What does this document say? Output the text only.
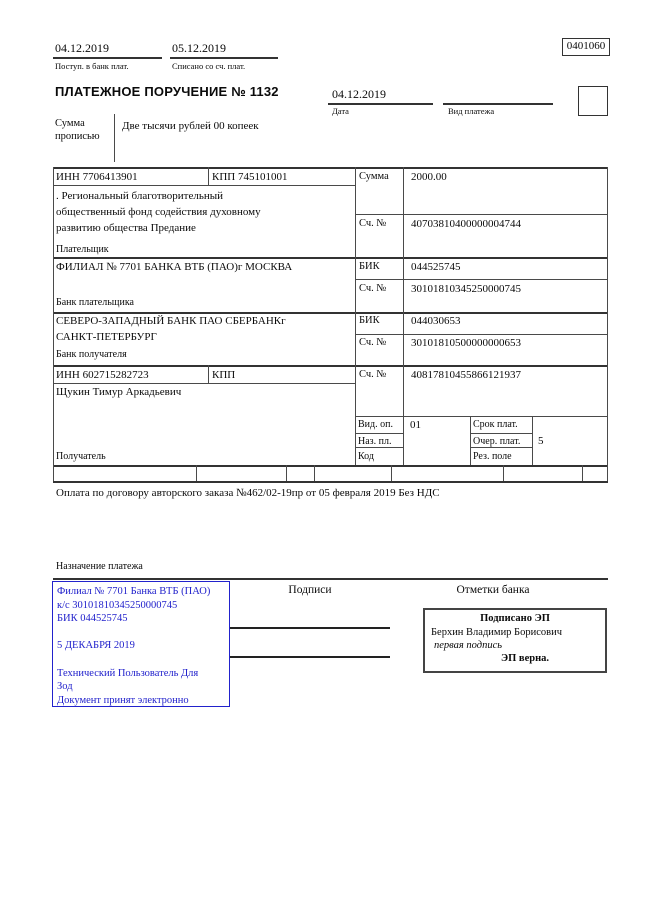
04.12.2019
Поступ. в банк плат.
05.12.2019
Списано со сч. плат.
0401060
ПЛАТЕЖНОЕ ПОРУЧЕНИЕ № 1132	04.12.2019
Дата	Вид платежа
Сумма прописью
Две тысячи рублей 00 копеек
ИНН 7706413901	КПП 745101001	Сумма 2000.00
. Региональный благотворительный
общественный фонд содействия духовному
развитию общества Предание
Плательщик
Сч. № 40703810400000004744
ФИЛИАЛ № 7701 БАНКА ВТБ (ПАО)г МОСКВА
Банк плательщика
БИК	044525745
Сч. № 30101810345250000745
СЕВЕРО-ЗАПАДНЫЙ БАНК ПАО СБЕРБАНКг
САНКТ-ПЕТЕРБУРГ
Банк получателя
БИК	044030653
Сч. № 30101810500000000653
ИНН 602715282723	КПП	Сч. № 40817810455866121937
Щукин Тимур Аркадьевич
Получатель
Вид. оп. 01	Срок плат.
Наз. пл.	Очер. плат. 5
Код	Рез. поле
Оплата по договору авторского заказа №462/02-19пр от 05 февраля 2019 Без НДС
Назначение платежа
Филиал № 7701 Банка ВТБ (ПАО)
к/с 30101810345250000745
БИК 044525745
5 ДЕКАБРЯ 2019
Технический Пользователь Для
Зод
Документ принят электронно
Подписи	Отметки банка
Подписано ЭП
Берхин Владимир Борисович
первая подпись
ЭП верна.
